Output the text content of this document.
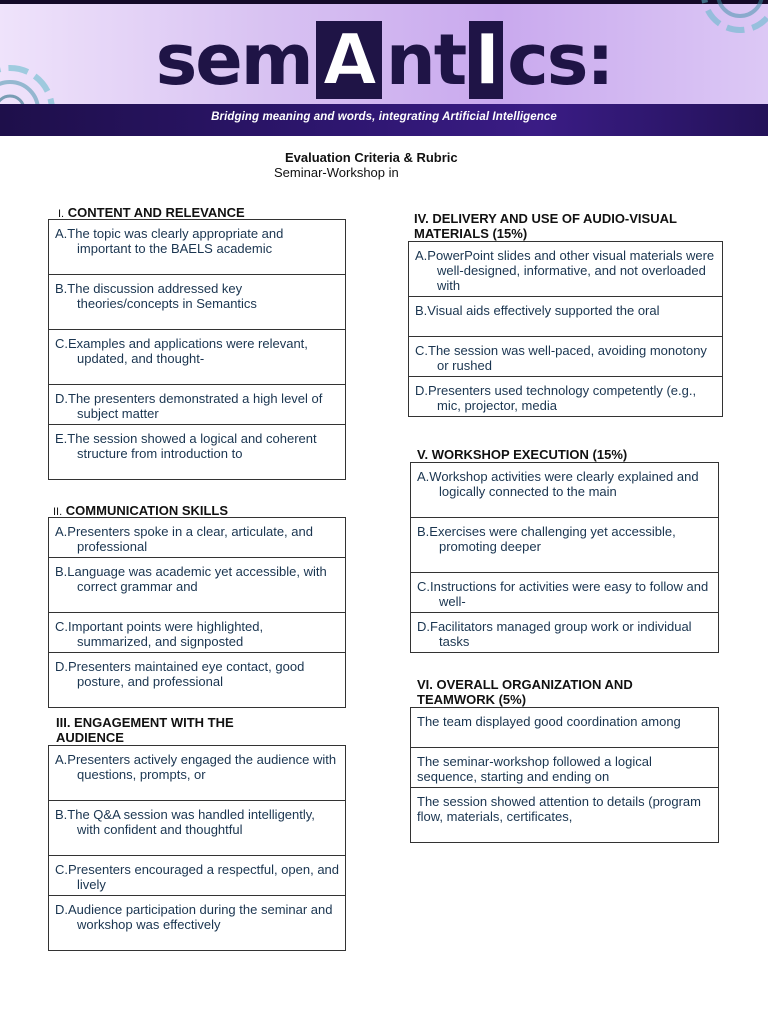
sem A nt I cs:
Bridging meaning and words, integrating Artificial Intelligence
Evaluation Criteria & Rubric
Seminar-Workshop in
I. CONTENT AND RELEVANCE
A.The topic was clearly appropriate and important to the BAELS academic

B.The discussion addressed key theories/concepts in Semantics

C.Examples and applications were relevant, updated, and thought-

D.The presenters demonstrated a high level of subject matter

E.The session showed a logical and coherent structure from introduction to
II. COMMUNICATION SKILLS
A.Presenters spoke in a clear, articulate, and professional

B.Language was academic yet accessible, with correct grammar and

C.Important points were highlighted, summarized, and signposted

D.Presenters maintained eye contact, good posture, and professional
III. ENGAGEMENT WITH THE AUDIENCE
A.Presenters actively engaged the audience with questions, prompts, or

B.The Q&A session was handled intelligently, with confident and thoughtful

C.Presenters encouraged a respectful, open, and lively

D.Audience participation during the seminar and workshop was effectively
IV. DELIVERY AND USE OF AUDIO-VISUAL MATERIALS (15%)
A.PowerPoint slides and other visual materials were well-designed, informative, and not overloaded with

B.Visual aids effectively supported the oral

C.The session was well-paced, avoiding monotony or rushed

D.Presenters used technology competently (e.g., mic, projector, media
V. WORKSHOP EXECUTION (15%)
A.Workshop activities were clearly explained and logically connected to the main

B.Exercises were challenging yet accessible, promoting deeper

C.Instructions for activities were easy to follow and well-

D.Facilitators managed group work or individual tasks
VI. OVERALL ORGANIZATION AND TEAMWORK (5%)
The team displayed good coordination among
The seminar-workshop followed a logical sequence, starting and ending on
The session showed attention to details (program flow, materials, certificates,
